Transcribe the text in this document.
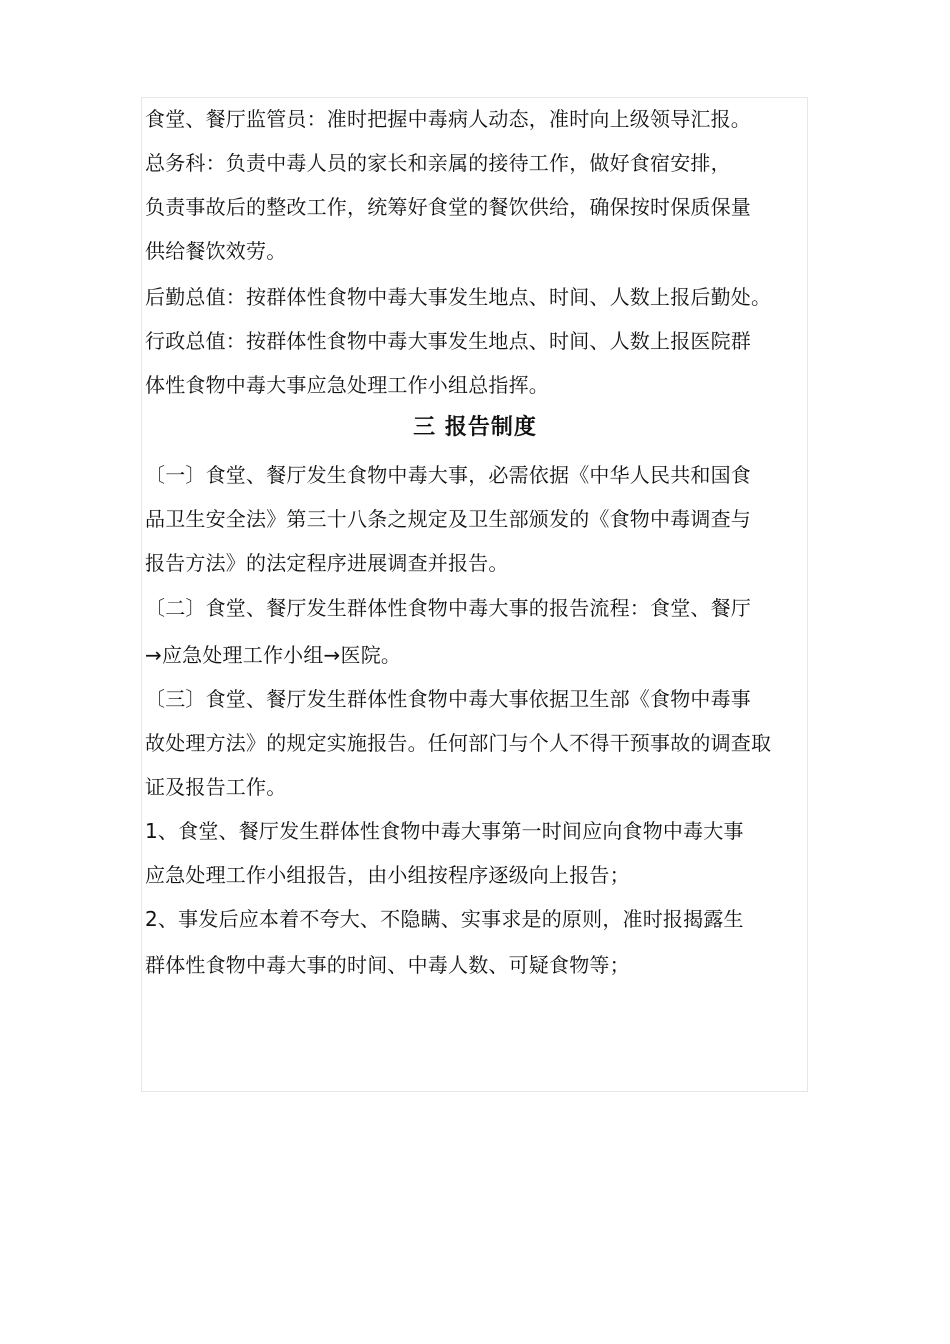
食堂、餐厅监管员：准时把握中毒病人动态，准时向上级领导汇报。
总务科：负责中毒人员的家长和亲属的接待工作，做好食宿安排，
负责事故后的整改工作，统筹好食堂的餐饮供给，确保按时保质保量
供给餐饮效劳。
后勤总值：按群体性食物中毒大事发生地点、时间、人数上报后勤处。
行政总值：按群体性食物中毒大事发生地点、时间、人数上报医院群
体性食物中毒大事应急处理工作小组总指挥。
三 报告制度
〔一〕食堂、餐厅发生食物中毒大事，必需依据《中华人民共和国食
品卫生安全法》第三十八条之规定及卫生部颁发的《食物中毒调查与
报告方法》的法定程序进展调查并报告。
〔二〕食堂、餐厅发生群体性食物中毒大事的报告流程：食堂、餐厅
→应急处理工作小组→医院。
〔三〕食堂、餐厅发生群体性食物中毒大事依据卫生部《食物中毒事
故处理方法》的规定实施报告。任何部门与个人不得干预事故的调查取
证及报告工作。
1、食堂、餐厅发生群体性食物中毒大事第一时间应向食物中毒大事
应急处理工作小组报告，由小组按程序逐级向上报告；
2、事发后应本着不夸大、不隐瞒、实事求是的原则，准时报揭露生
群体性食物中毒大事的时间、中毒人数、可疑食物等；
